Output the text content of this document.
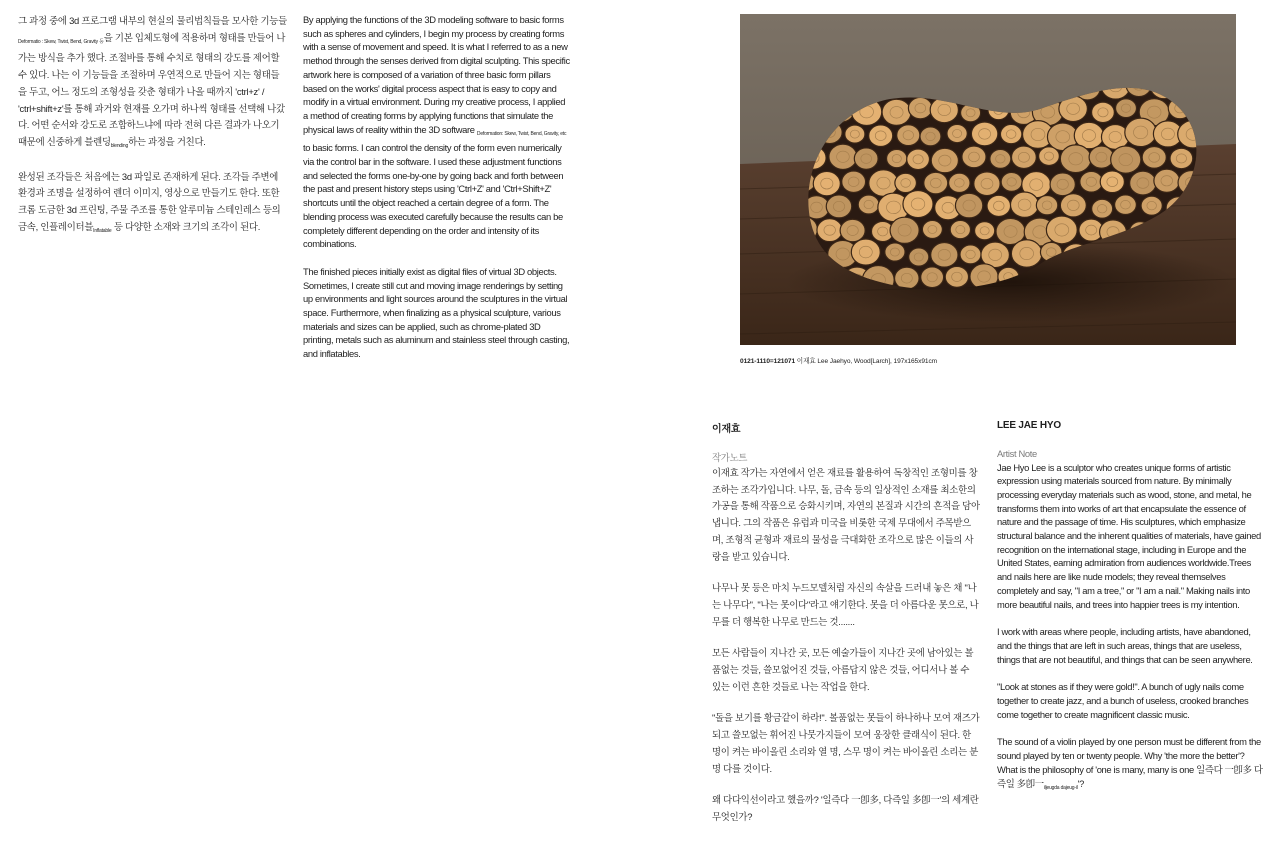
그 과정 중에 3d 프로그램 내부의 현실의 물리법칙들을 모사한 기능들$_{Deformatio : Skew, Twist, Bend, Gravity 등}$을 기본 입체도형에 적용하며 형태를 만들어 나가는 방식을 추가 했다. 조절바를 통해 수치로 형태의 강도를 제어할 수 있다. 나는 이 기능들을 조절하며 우연적으로 만들어 지는 형태들을 두고, 어느 정도의 조형성을 갖춘 형태가 나올 때까지 'ctrl+z' / 'ctrl+shift+z'를 통해 과거와 현재를 오가며 하나씩 형태를 선택해 나갔다. 어떤 순서와 강도로 조합하느냐에 따라 전혀 다른 결과가 나오기 때문에 신중하게 블렌딩$_{blending}$하는 과정을 거친다.

완성된 조각들은 처음에는 3d 파일로 존재하게 된다. 조각들 주변에 환경과 조명을 설정하여 렌더 이미지, 영상으로 만들기도 한다. 또한 크롬 도금한 3d 프린팅, 주물 주조를 통한 알루미늄 스테인레스 등의 금속, 인플레이터블$_{Inflatable}$ 등 다양한 소재와 크기의 조각이 된다.

By applying the functions of the 3D modeling software to basic forms such as spheres and cylinders, I begin my process by creating forms with a sense of movement and speed. It is what I referred to as a new method through the senses derived from digital sculpting. This specific artwork here is composed of a variation of three basic form pillars based on the works' digital process aspect that is easy to copy and modify in a virtual environment. During my creative process, I applied a method of creating forms by applying functions that simulate the physical laws of reality within the 3D software $_{Deformation: Skew, Twist, Bend, Gravity, etc}$ to basic forms. I can control the density of the form even numerically via the control bar in the software. I used these adjustment functions and selected the forms one-by-one by going back and forth between the past and present history steps using 'Ctrl+Z' and 'Ctrl+Shift+Z' shortcuts until the object reached a certain degree of a form. The blending process was executed carefully because the results can be completely different depending on the order and intensity of its combinations.

The finished pieces initially exist as digital files of virtual 3D objects. Sometimes, I create still cut and moving image renderings by setting up environments and light sources around the sculptures in the virtual space. Furthermore, when finalizing as a physical sculpture, various materials and sizes can be applied, such as chrome-plated 3D printing, metals such as aluminum and stainless steel through casting, and inflatables.

0121-1110=121071 이재효 Lee Jaehyo, Wood[Larch], 197x165x91cm
이재효
작가노트

이재효 작가는 자연에서 얻은 재료를 활용하여 독창적인 조형미를 창조하는 조각가입니다. 나무, 돌, 금속 등의 일상적인 소재를 최소한의 가공을 통해 작품으로 승화시키며, 자연의 본질과 시간의 흔적을 담아냅니다. 그의 작품은 유럽과 미국을 비롯한 국제 무대에서 주목받으며, 조형적 균형과 재료의 물성을 극대화한 조각으로 많은 이들의 사랑을 받고 있습니다.

나무나 못 등은 마치 누드모델처럼 자신의 속살을 드러내 놓은 채 "나는 나무다", "나는 못이다"라고 얘기한다. 못을 더 아름다운 못으로, 나무를 더 행복한 나무로 만드는 것.......

모든 사람들이 지나간 곳, 모든 예술가들이 지나간 곳에 남아있는 볼품없는 것들, 쓸모없어진 것들, 아름답지 않은 것들, 어디서나 볼 수 있는 이런 흔한 것들로 나는 작업을 한다.

"돌을 보기를 황금같이 하라!". 볼품없는 못들이 하나하나 모여 재즈가 되고 쓸모없는 휘어진 나뭇가지들이 모여 웅장한 클래식이 된다. 한 명이 켜는 바이올린 소리와 열 명, 스무 명이 켜는 바이올린 소리는 분명 다를 것이다.

왜 다다익선이라고 했을까? '일즉다 一卽多, 다즉일 多卽一'의 세계란 무엇인가?

LEE JAE HYO
Artist Note

Jae Hyo Lee is a sculptor who creates unique forms of artistic expression using materials sourced from nature. By minimally processing everyday materials such as wood, stone, and metal, he transforms them into works of art that encapsulate the essence of nature and the passage of time. His sculptures, which emphasize structural balance and the inherent qualities of materials, have gained recognition on the international stage, including in Europe and the United States, earning admiration from audiences worldwide.Trees and nails here are like nude models; they reveal themselves completely and say, "I am a tree," or "I am a nail." Making nails into more beautiful nails, and trees into happier trees is my intention.

I work with areas where people, including artists, have abandoned, and the things that are left in such areas, things that are useless, things that are not beautiful, and things that can be seen anywhere.

"Look at stones as if they were gold!". A bunch of ugly nails come together to create jazz, and a bunch of useless, crooked branches come together to create magnificent classic music.

The sound of a violin played by one person must be different from the sound played by ten or twenty people. Why 'the more the better'? What is the philosophy of 'one is many, many is one 일즉다 一卽多 다즉일 多卽一$_{iljeugda dajeug-il}$'?
